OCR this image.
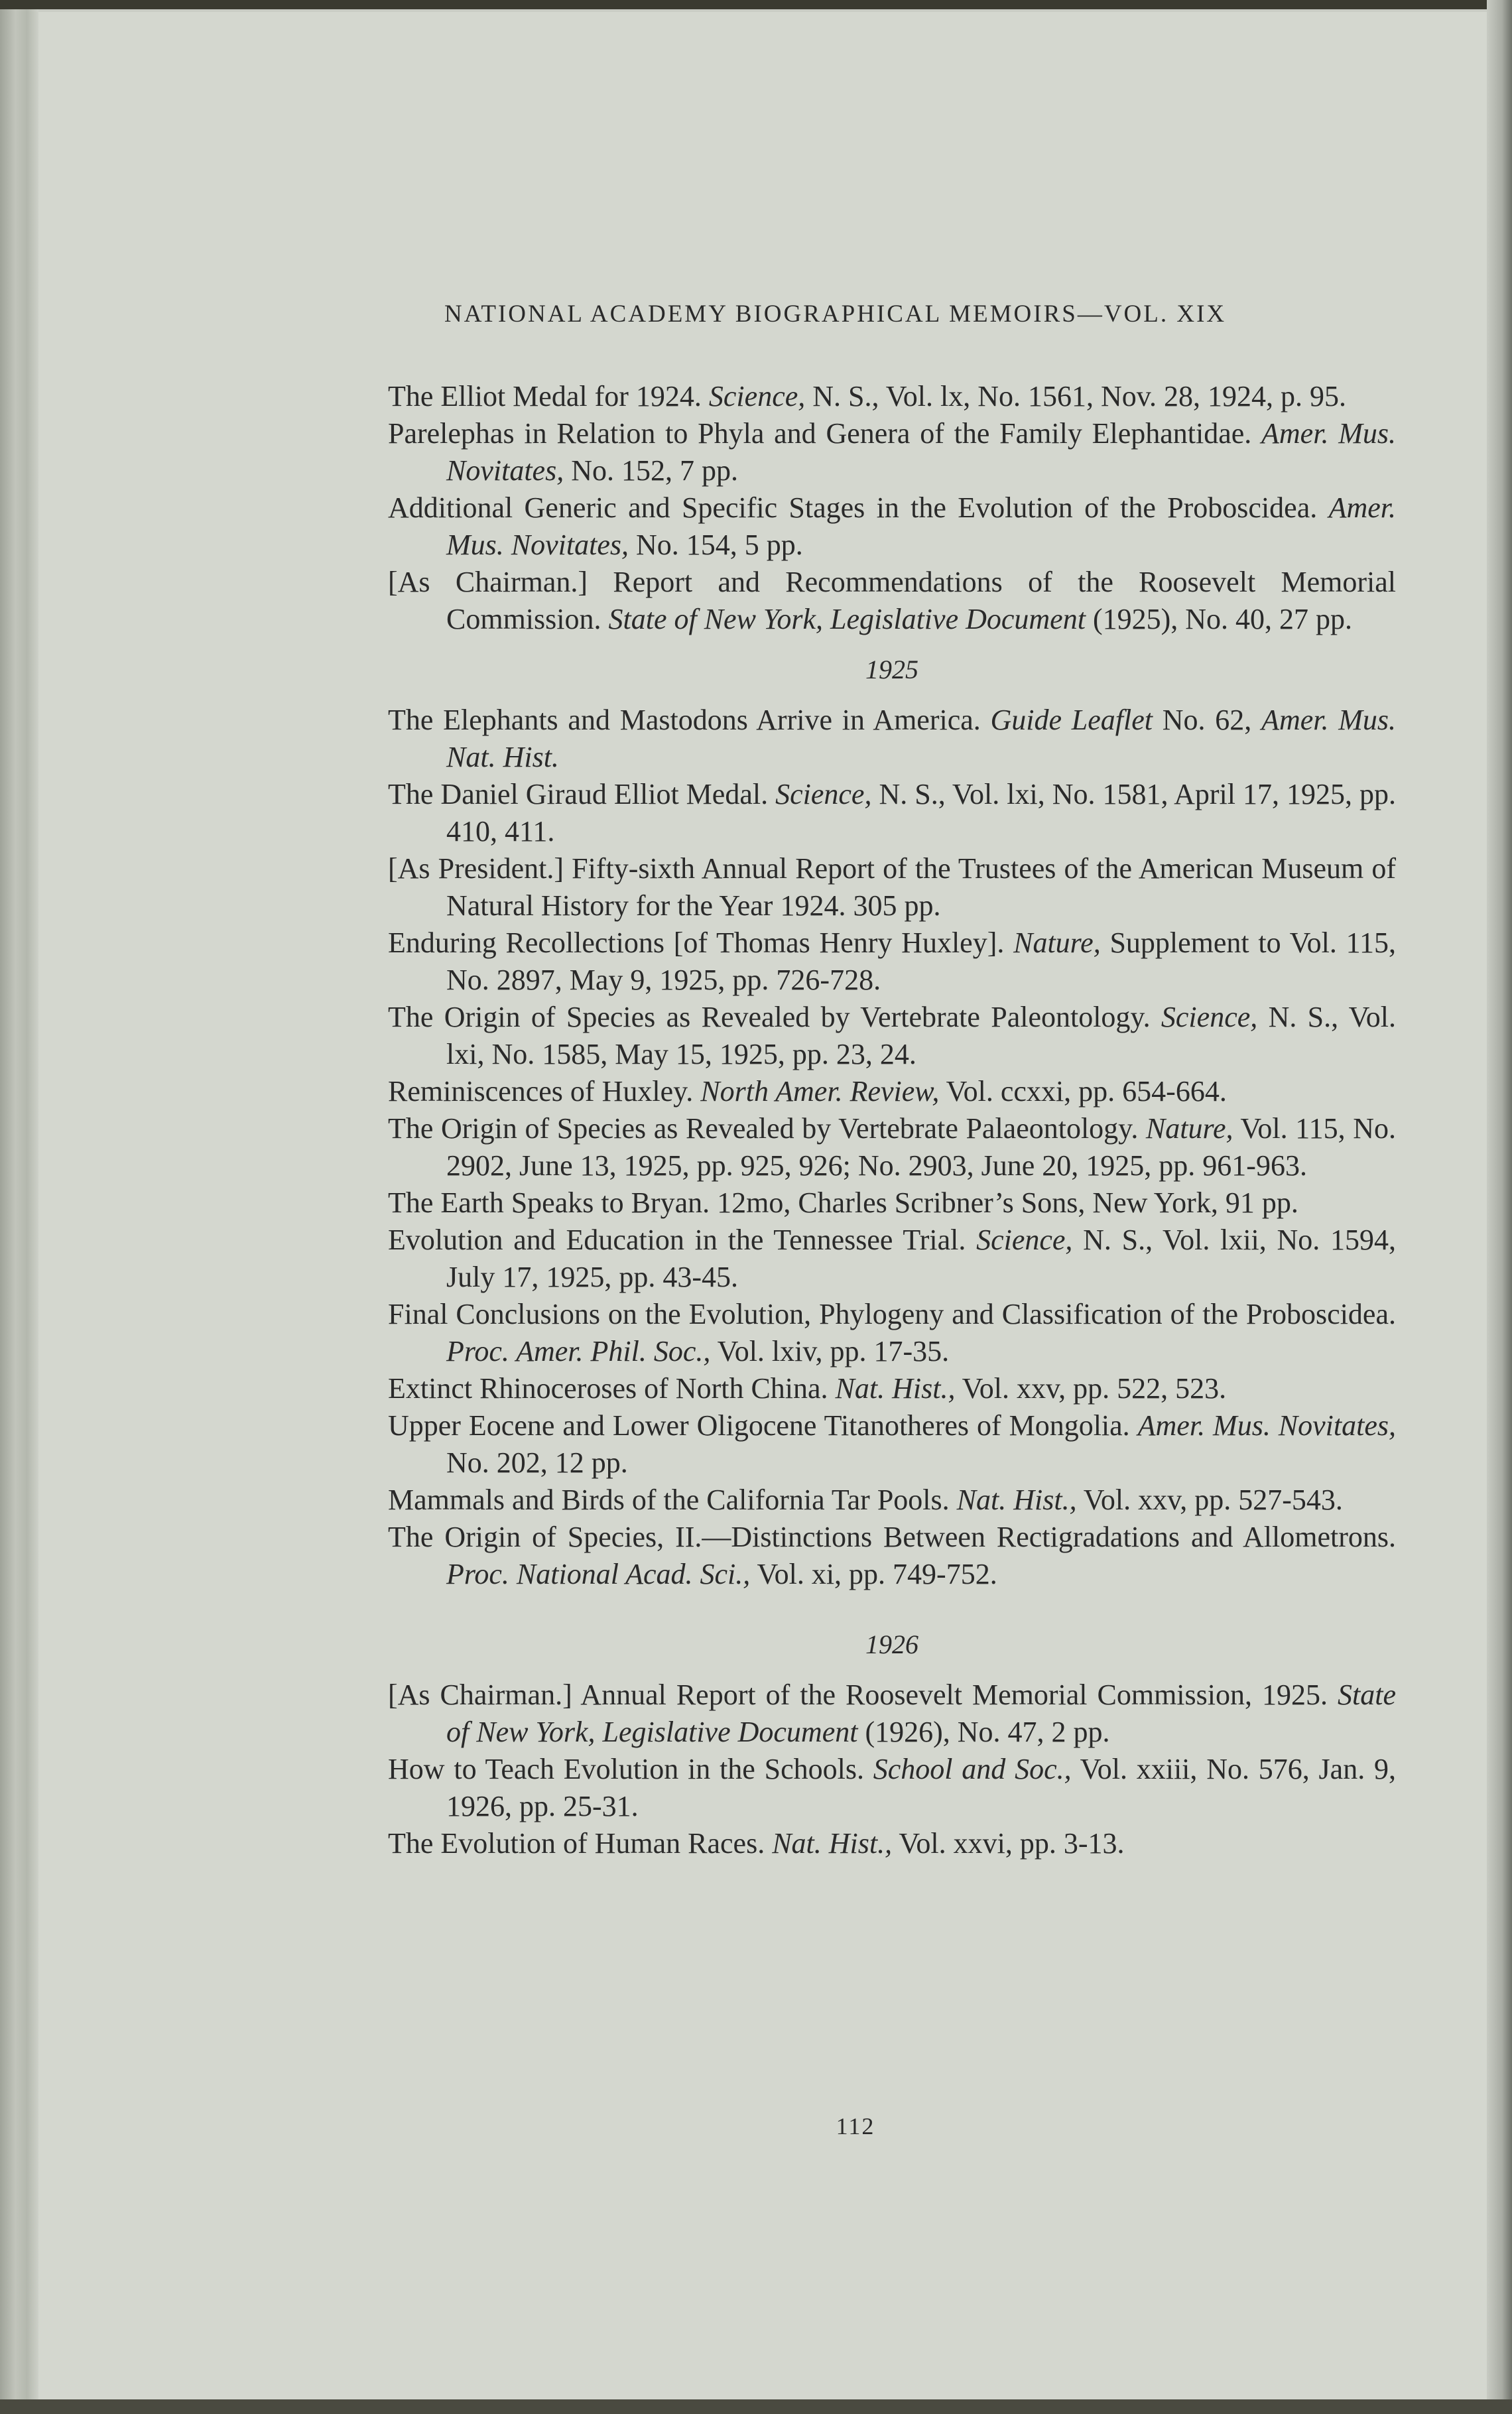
NATIONAL ACADEMY BIOGRAPHICAL MEMOIRS—VOL. XIX

The Elliot Medal for 1924. Science, N. S., Vol. lx, No. 1561, Nov. 28, 1924, p. 95.

Parelephas in Relation to Phyla and Genera of the Family Elephantidae. Amer. Mus. Novitates, No. 152, 7 pp.

Additional Generic and Specific Stages in the Evolution of the Proboscidea. Amer. Mus. Novitates, No. 154, 5 pp.

[As Chairman.] Report and Recommendations of the Roosevelt Memorial Commission. State of New York, Legislative Document (1925), No. 40, 27 pp.

1925

The Elephants and Mastodons Arrive in America. Guide Leaflet No. 62, Amer. Mus. Nat. Hist.

The Daniel Giraud Elliot Medal. Science, N. S., Vol. lxi, No. 1581, April 17, 1925, pp. 410, 411.

[As President.] Fifty-sixth Annual Report of the Trustees of the American Museum of Natural History for the Year 1924. 305 pp.

Enduring Recollections [of Thomas Henry Huxley]. Nature, Supplement to Vol. 115, No. 2897, May 9, 1925, pp. 726-728.

The Origin of Species as Revealed by Vertebrate Paleontology. Science, N. S., Vol. lxi, No. 1585, May 15, 1925, pp. 23, 24.

Reminiscences of Huxley. North Amer. Review, Vol. ccxxi, pp. 654-664.

The Origin of Species as Revealed by Vertebrate Palaeontology. Nature, Vol. 115, No. 2902, June 13, 1925, pp. 925, 926; No. 2903, June 20, 1925, pp. 961-963.

The Earth Speaks to Bryan. 12mo, Charles Scribner’s Sons, New York, 91 pp.

Evolution and Education in the Tennessee Trial. Science, N. S., Vol. lxii, No. 1594, July 17, 1925, pp. 43-45.

Final Conclusions on the Evolution, Phylogeny and Classification of the Proboscidea. Proc. Amer. Phil. Soc., Vol. lxiv, pp. 17-35.

Extinct Rhinoceroses of North China. Nat. Hist., Vol. xxv, pp. 522, 523.

Upper Eocene and Lower Oligocene Titanotheres of Mongolia. Amer. Mus. Novitates, No. 202, 12 pp.

Mammals and Birds of the California Tar Pools. Nat. Hist., Vol. xxv, pp. 527-543.

The Origin of Species, II.—Distinctions Between Rectigradations and Allometrons. Proc. National Acad. Sci., Vol. xi, pp. 749-752.

1926

[As Chairman.] Annual Report of the Roosevelt Memorial Commission, 1925. State of New York, Legislative Document (1926), No. 47, 2 pp.

How to Teach Evolution in the Schools. School and Soc., Vol. xxiii, No. 576, Jan. 9, 1926, pp. 25-31.

The Evolution of Human Races. Nat. Hist., Vol. xxvi, pp. 3-13.

112
